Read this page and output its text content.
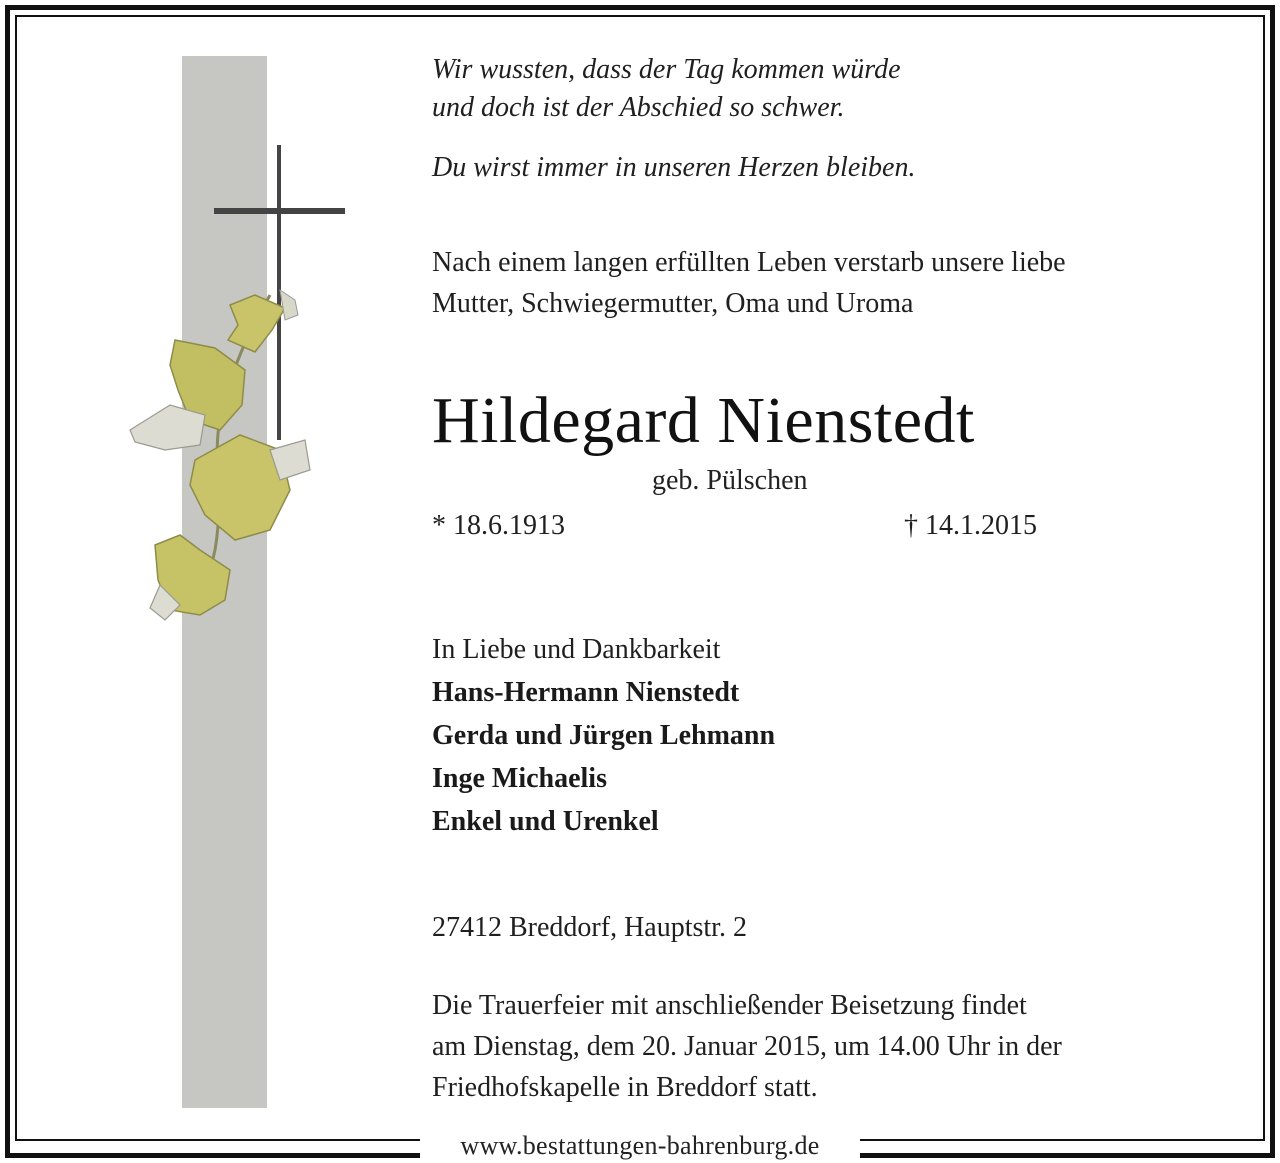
www.bestattungen-bahrenburg.de
Wir wussten, dass der Tag kommen würde
und doch ist der Abschied so schwer.
Du wirst immer in unseren Herzen bleiben.
Nach einem langen erfüllten Leben verstarb unsere liebe
Mutter, Schwiegermutter, Oma und Uroma
Hildegard Nienstedt
geb. Pülschen
* 18.6.1913	† 14.1.2015
In Liebe und Dankbarkeit
Hans-Hermann Nienstedt
Gerda und Jürgen Lehmann
Inge Michaelis
Enkel und Urenkel
27412 Breddorf, Hauptstr. 2
Die Trauerfeier mit anschließender Beisetzung findet
am Dienstag, dem 20. Januar 2015, um 14.00 Uhr in der
Friedhofskapelle in Breddorf statt.
